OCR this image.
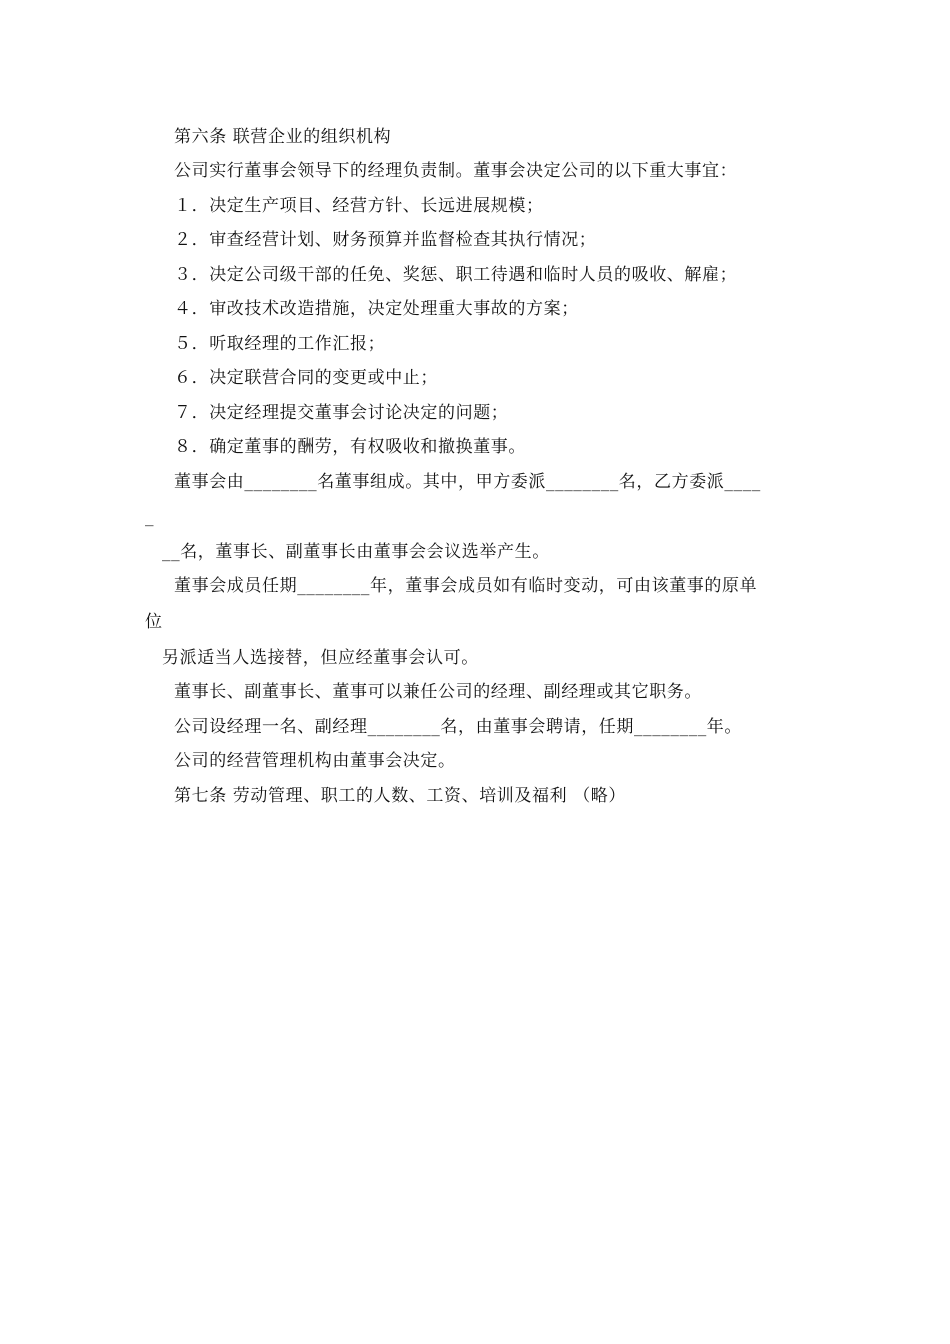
第六条 联营企业的组织机构
公司实行董事会领导下的经理负责制。董事会决定公司的以下重大事宜：
１．决定生产项目、经营方针、长远进展规模；
２．审查经营计划、财务预算并监督检查其执行情况；
３．决定公司级干部的任免、奖惩、职工待遇和临时人员的吸收、解雇；
４．审改技术改造措施，决定处理重大事故的方案；
５．听取经理的工作汇报；
６．决定联营合同的变更或中止；
７．决定经理提交董事会讨论决定的问题；
８．确定董事的酬劳，有权吸收和撤换董事。
董事会由________名董事组成。其中，甲方委派________名，乙方委派____
_
__名，董事长、副董事长由董事会会议选举产生。
董事会成员任期________年，董事会成员如有临时变动，可由该董事的原单
位
另派适当人选接替，但应经董事会认可。
董事长、副董事长、董事可以兼任公司的经理、副经理或其它职务。
公司设经理一名、副经理________名，由董事会聘请，任期________年。
公司的经营管理机构由董事会决定。
第七条 劳动管理、职工的人数、工资、培训及福利 （略）
